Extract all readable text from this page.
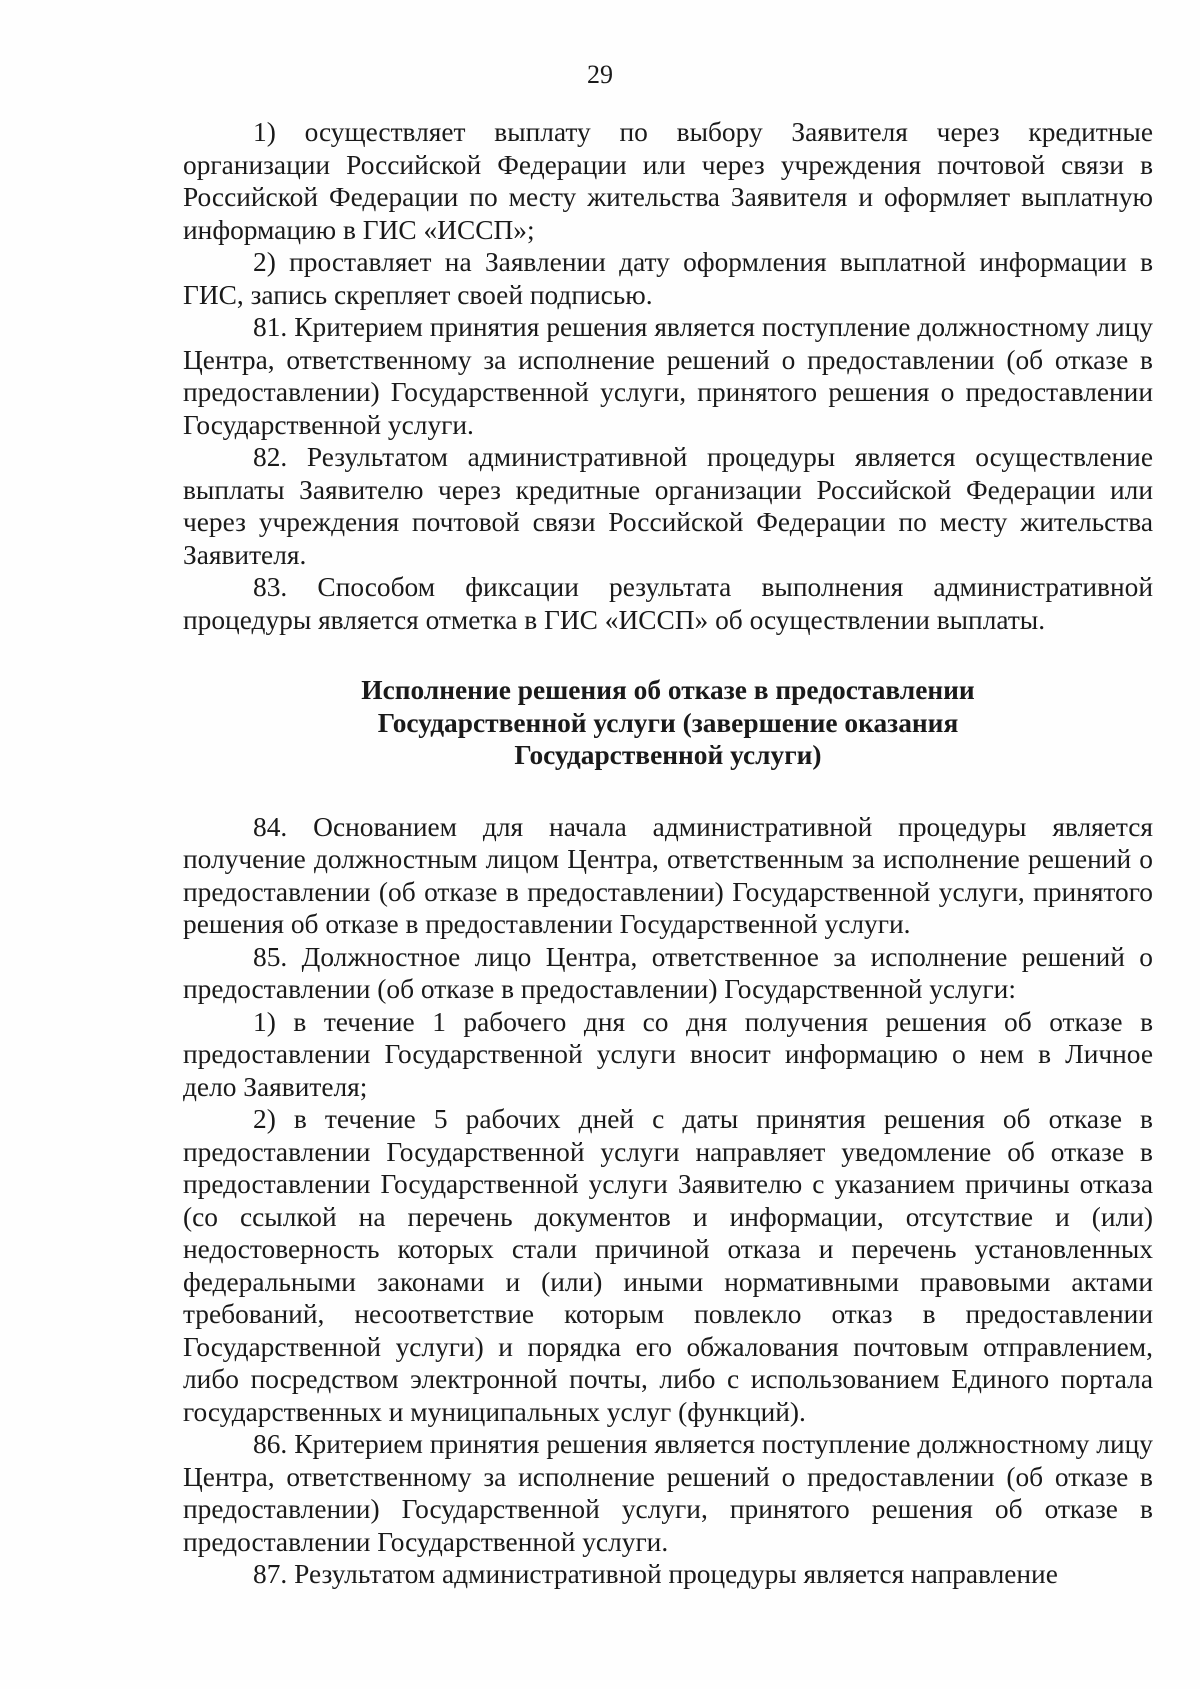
29

1) осуществляет выплату по выбору Заявителя через кредитные организации Российской Федерации или через учреждения почтовой связи в Российской Федерации по месту жительства Заявителя и оформляет выплатную информацию в ГИС «ИССП»;

2) проставляет на Заявлении дату оформления выплатной информации в ГИС, запись скрепляет своей подписью.

81. Критерием принятия решения является поступление должностному лицу Центра, ответственному за исполнение решений о предоставлении (об отказе в предоставлении) Государственной услуги, принятого решения о предоставлении Государственной услуги.

82. Результатом административной процедуры является осуществление выплаты Заявителю через кредитные организации Российской Федерации или через учреждения почтовой связи Российской Федерации по месту жительства Заявителя.

83. Способом фиксации результата выполнения административной процедуры является отметка в ГИС «ИССП» об осуществлении выплаты.

Исполнение решения об отказе в предоставлении
Государственной услуги (завершение оказания
Государственной услуги)

84. Основанием для начала административной процедуры является получение должностным лицом Центра, ответственным за исполнение решений о предоставлении (об отказе в предоставлении) Государственной услуги, принятого решения об отказе в предоставлении Государственной услуги.

85. Должностное лицо Центра, ответственное за исполнение решений о предоставлении (об отказе в предоставлении) Государственной услуги:

1) в течение 1 рабочего дня со дня получения решения об отказе в предоставлении Государственной услуги вносит информацию о нем в Личное дело Заявителя;

2) в течение 5 рабочих дней с даты принятия решения об отказе в предоставлении Государственной услуги направляет уведомление об отказе в предоставлении Государственной услуги Заявителю с указанием причины отказа (со ссылкой на перечень документов и информации, отсутствие и (или) недостоверность которых стали причиной отказа и перечень установленных федеральными законами и (или) иными нормативными правовыми актами требований, несоответствие которым повлекло отказ в предоставлении Государственной услуги) и порядка его обжалования почтовым отправлением, либо посредством электронной почты, либо с использованием Единого портала государственных и муниципальных услуг (функций).

86. Критерием принятия решения является поступление должностному лицу Центра, ответственному за исполнение решений о предоставлении (об отказе в предоставлении) Государственной услуги, принятого решения об отказе в предоставлении Государственной услуги.

87. Результатом административной процедуры является направление
